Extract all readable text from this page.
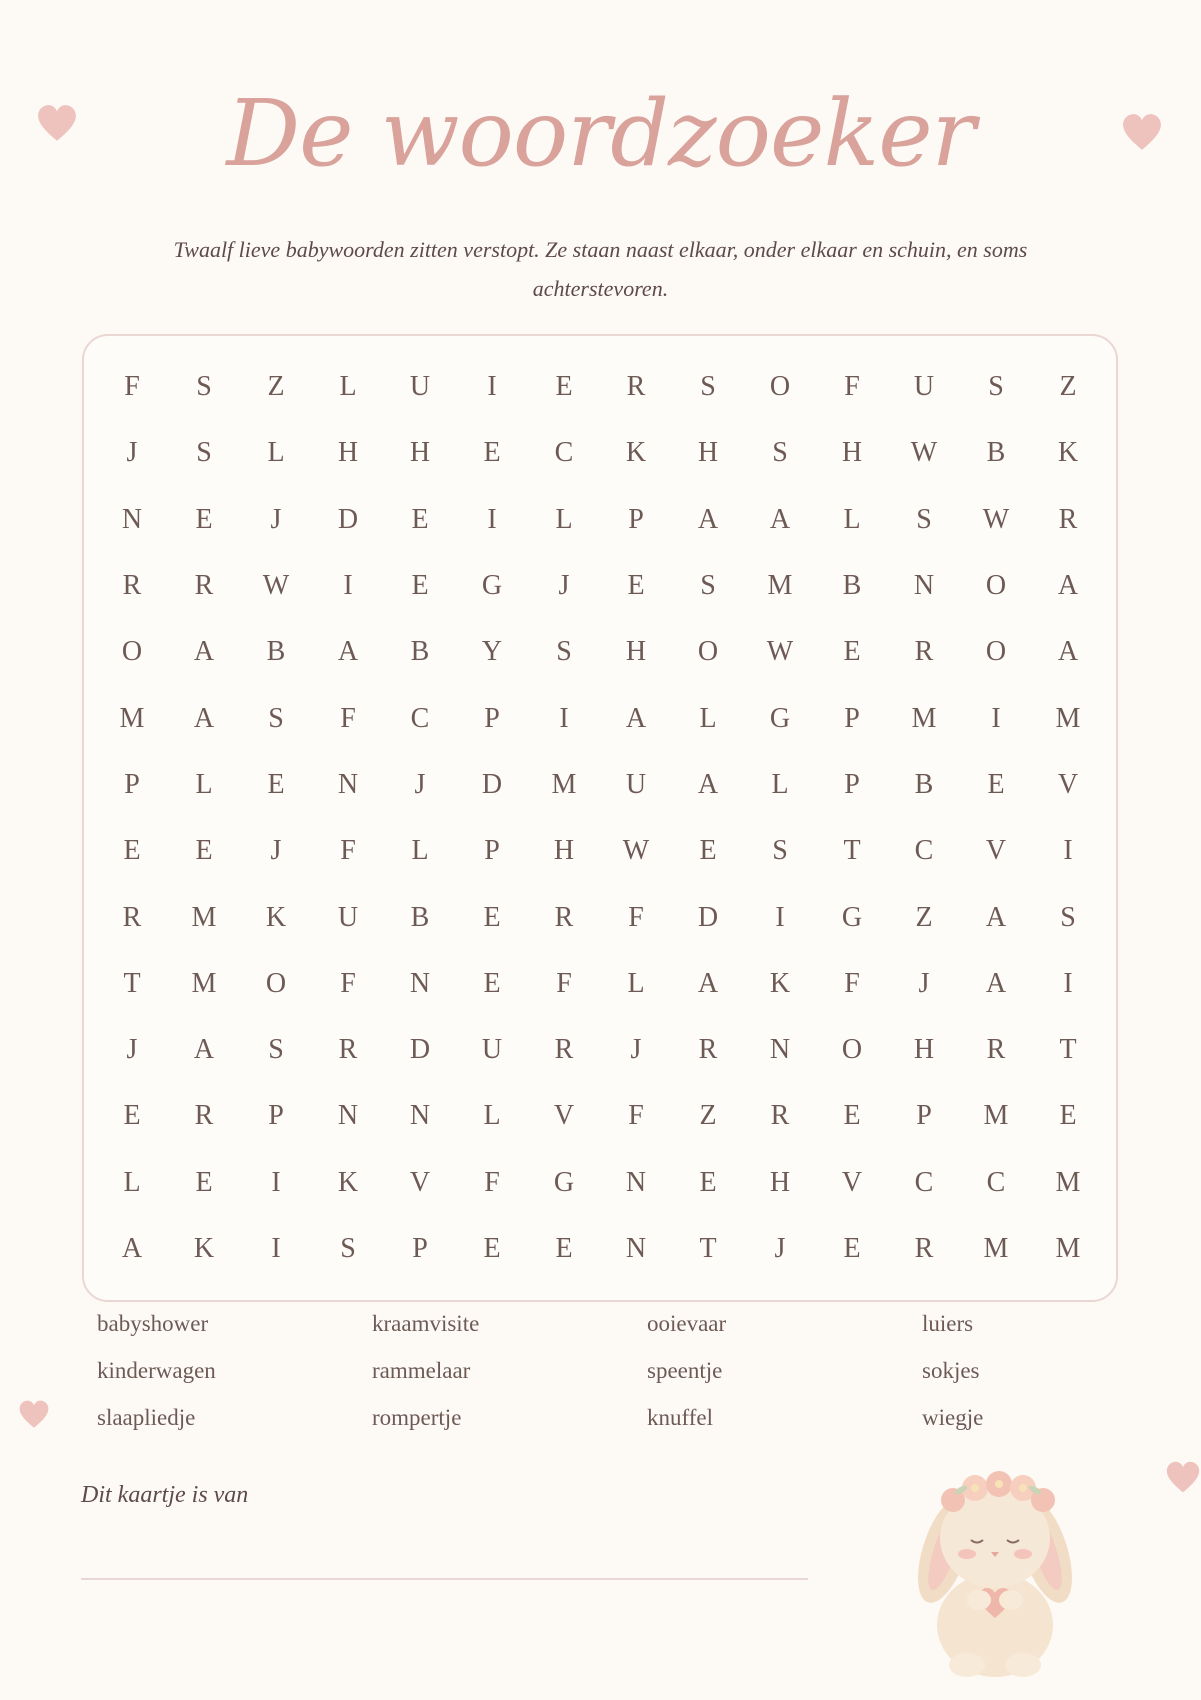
De woordzoeker
Twaalf lieve babywoorden zitten verstopt. Ze staan naast elkaar, onder elkaar en schuin, en soms achterstevoren.
F	S	Z	L	U	I	E	R	S	O	F	U	S	Z
J	S	L	H	H	E	C	K	H	S	H	W	B	K
N	E	J	D	E	I	L	P	A	A	L	S	W	R
R	R	W	I	E	G	J	E	S	M	B	N	O	A
O	A	B	A	B	Y	S	H	O	W	E	R	O	A
M	A	S	F	C	P	I	A	L	G	P	M	I	M
P	L	E	N	J	D	M	U	A	L	P	B	E	V
E	E	J	F	L	P	H	W	E	S	T	C	V	I
R	M	K	U	B	E	R	F	D	I	G	Z	A	S
T	M	O	F	N	E	F	L	A	K	F	J	A	I
J	A	S	R	D	U	R	J	R	N	O	H	R	T
E	R	P	N	N	L	V	F	Z	R	E	P	M	E
L	E	I	K	V	F	G	N	E	H	V	C	C	M
A	K	I	S	P	E	E	N	T	J	E	R	M	M
babyshower	kraamvisite	ooievaar	luiers
kinderwagen	rammelaar	speentje	sokjes
slaapliedje	rompertje	knuffel	wiegje
Dit kaartje is van
